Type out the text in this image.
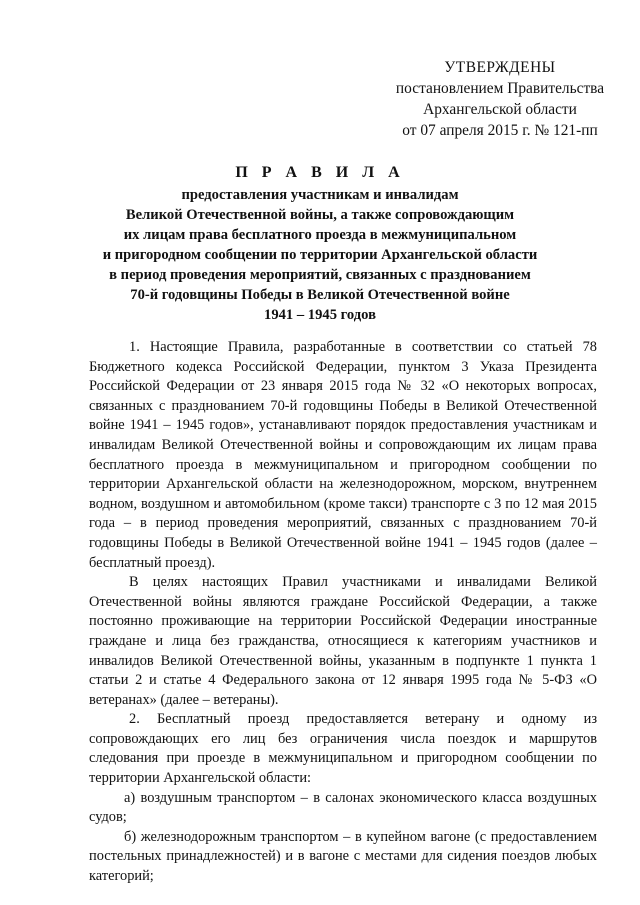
УТВЕРЖДЕНЫ
постановлением Правительства
Архангельской области
от 07 апреля 2015 г. № 121-пп
П Р А В И Л А
предоставления участникам и инвалидам
Великой Отечественной войны, а также сопровождающим
их лицам права бесплатного проезда в межмуниципальном
и пригородном сообщении по территории Архангельской области
в период проведения мероприятий, связанных с празднованием
70-й годовщины Победы в Великой Отечественной войне
1941 – 1945 годов

1. Настоящие Правила, разработанные в соответствии со статьей 78 Бюджетного кодекса Российской Федерации, пунктом 3 Указа Президента Российской Федерации от 23 января 2015 года № 32 «О некоторых вопросах, связанных с празднованием 70-й годовщины Победы в Великой Отечественной войне 1941 – 1945 годов», устанавливают порядок предоставления участникам и инвалидам Великой Отечественной войны и сопровождающим их лицам права бесплатного проезда в межмуниципальном и пригородном сообщении по территории Архангельской области на железнодорожном, морском, внутреннем водном, воздушном и автомобильном (кроме такси) транспорте с 3 по 12 мая 2015 года – в период проведения мероприятий, связанных с празднованием 70-й годовщины Победы в Великой Отечественной войне 1941 – 1945 годов (далее – бесплатный проезд).

В целях настоящих Правил участниками и инвалидами Великой Отечественной войны являются граждане Российской Федерации, а также постоянно проживающие на территории Российской Федерации иностранные граждане и лица без гражданства, относящиеся к категориям участников и инвалидов Великой Отечественной войны, указанным в подпункте 1 пункта 1 статьи 2 и статье 4 Федерального закона от 12 января 1995 года № 5-ФЗ «О ветеранах» (далее – ветераны).

2. Бесплатный проезд предоставляется ветерану и одному из сопровождающих его лиц без ограничения числа поездок и маршрутов следования при проезде в межмуниципальном и пригородном сообщении по территории Архангельской области:

а) воздушным транспортом – в салонах экономического класса воздушных судов;

б) железнодорожным транспортом – в купейном вагоне (с предоставлением постельных принадлежностей) и в вагоне с местами для сидения поездов любых категорий;
